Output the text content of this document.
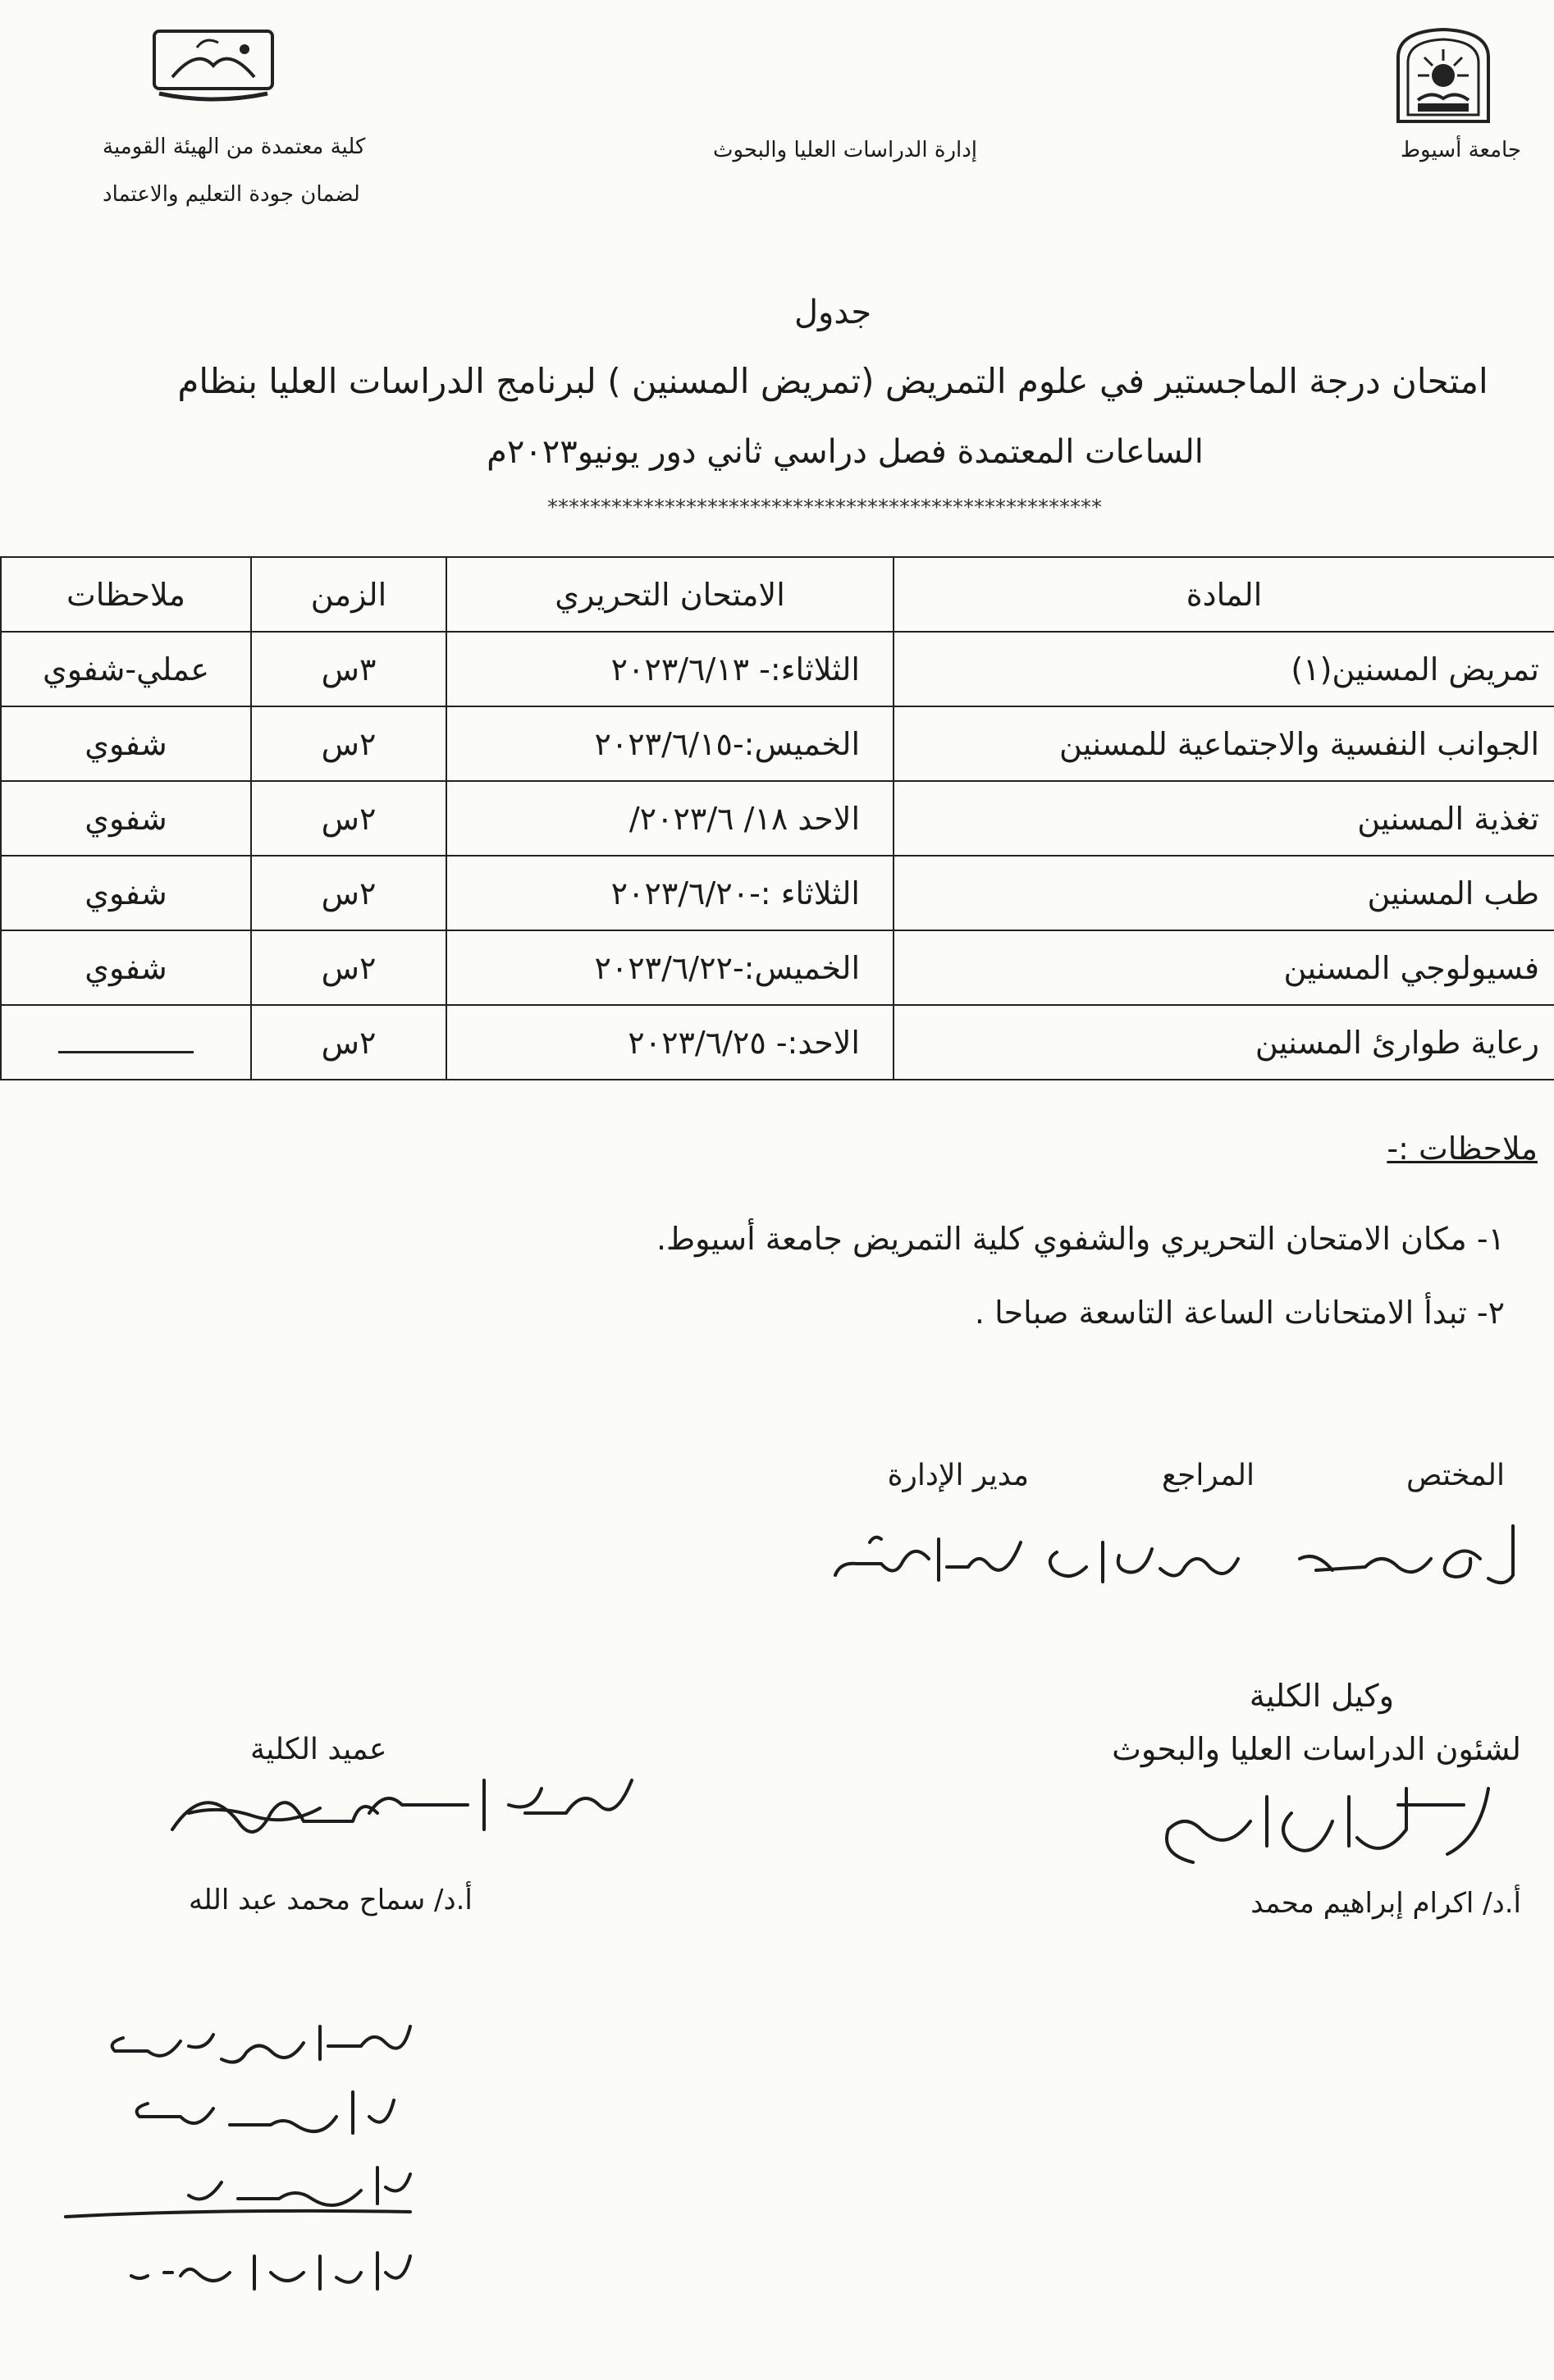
جامعة أسيوط
إدارة الدراسات العليا والبحوث
كلية معتمدة من الهيئة القومية
لضمان جودة التعليم والاعتماد
جدول
امتحان درجة الماجستير في علوم التمريض (تمريض المسنين ) لبرنامج الدراسات العليا بنظام
الساعات المعتمدة فصل دراسي ثاني دور يونيو٢٠٢٣م
****************************************************
المادة	الامتحان التحريري	الزمن	ملاحظات
تمريض المسنين(١)	الثلاثاء:- ٢٠٢٣/٦/١٣	٣س	عملي-شفوي
الجوانب النفسية والاجتماعية للمسنين	الخميس:-٢٠٢٣/٦/١٥	٢س	شفوي
تغذية المسنين	الاحد ١٨/ ٢٠٢٣/٦/	٢س	شفوي
طب المسنين	الثلاثاء :-٢٠٢٣/٦/٢٠	٢س	شفوي
فسيولوجي المسنين	الخميس:-٢٠٢٣/٦/٢٢	٢س	شفوي
رعاية طوارئ المسنين	الاحد:- ٢٠٢٣/٦/٢٥	٢س	
ملاحظات :-
١- مكان الامتحان التحريري والشفوي كلية التمريض جامعة أسيوط.
٢- تبدأ الامتحانات الساعة التاسعة صباحا .
المختص
المراجع
مدير الإدارة
وكيل الكلية
لشئون الدراسات العليا والبحوث
عميد الكلية
أ.د/ اكرام إبراهيم محمد
أ.د/ سماح محمد عبد الله
